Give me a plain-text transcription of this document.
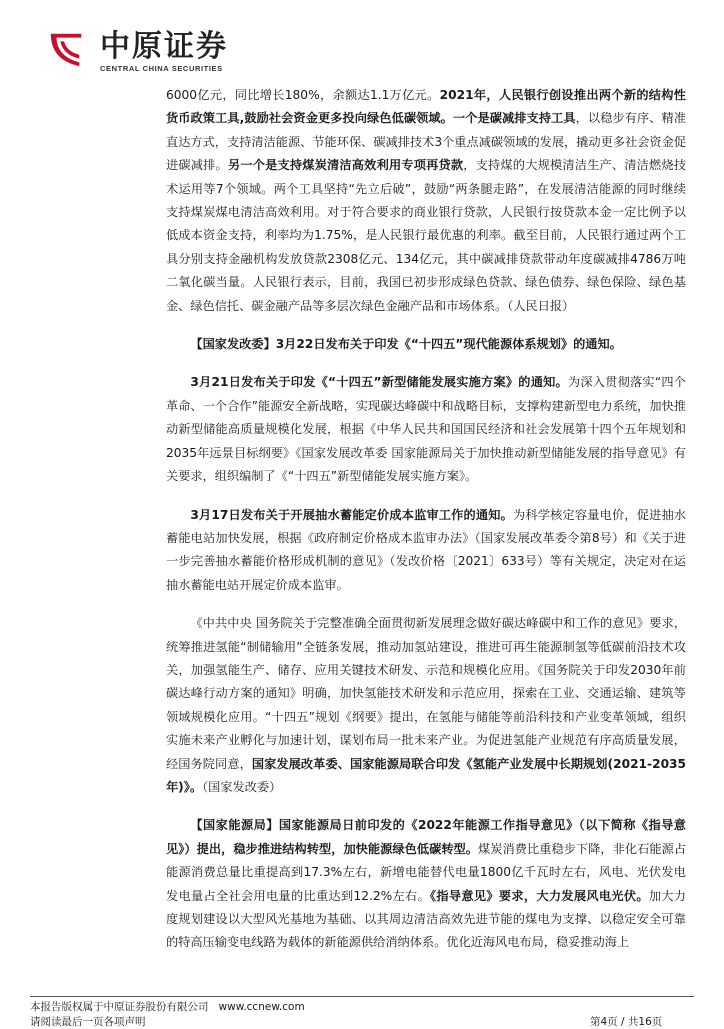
中原证券
CENTRAL CHINA SECURITIES

6000亿元，同比增长180%，余额达1.1万亿元。2021年，人民银行创设推出两个新的结构性货币政策工具,鼓励社会资金更多投向绿色低碳领域。一个是碳减排支持工具，以稳步有序、精准直达方式，支持清洁能源、节能环保、碳减排技术3个重点减碳领域的发展，撬动更多社会资金促进碳减排。另一个是支持煤炭清洁高效利用专项再贷款，支持煤的大规模清洁生产、清洁燃烧技术运用等7个领域。两个工具坚持“先立后破”，鼓励“两条腿走路”，在发展清洁能源的同时继续支持煤炭煤电清洁高效利用。对于符合要求的商业银行贷款，人民银行按贷款本金一定比例予以低成本资金支持，利率均为1.75%，是人民银行最优惠的利率。截至目前，人民银行通过两个工具分别支持金融机构发放贷款2308亿元、134亿元，其中碳减排贷款带动年度碳减排4786万吨二氧化碳当量。人民银行表示，目前，我国已初步形成绿色贷款、绿色债券、绿色保险、绿色基金、绿色信托、碳金融产品等多层次绿色金融产品和市场体系。（人民日报）

【国家发改委】3月22日发布关于印发《“十四五”现代能源体系规划》的通知。

3月21日发布关于印发《“十四五”新型储能发展实施方案》的通知。为深入贯彻落实“四个革命、一个合作”能源安全新战略，实现碳达峰碳中和战略目标，支撑构建新型电力系统，加快推动新型储能高质量规模化发展，根据《中华人民共和国国民经济和社会发展第十四个五年规划和2035年远景目标纲要》《国家发展改革委 国家能源局关于加快推动新型储能发展的指导意见》有关要求，组织编制了《“十四五”新型储能发展实施方案》。

3月17日发布关于开展抽水蓄能定价成本监审工作的通知。为科学核定容量电价，促进抽水蓄能电站加快发展，根据《政府制定价格成本监审办法》（国家发展改革委令第8号）和《关于进一步完善抽水蓄能价格形成机制的意见》（发改价格〔2021〕633号）等有关规定，决定对在运抽水蓄能电站开展定价成本监审。

《中共中央 国务院关于完整准确全面贯彻新发展理念做好碳达峰碳中和工作的意见》要求，统筹推进氢能“制储输用”全链条发展，推动加氢站建设，推进可再生能源制氢等低碳前沿技术攻关，加强氢能生产、储存、应用关键技术研发、示范和规模化应用。《国务院关于印发2030年前碳达峰行动方案的通知》明确，加快氢能技术研发和示范应用，探索在工业、交通运输、建筑等领域规模化应用。“十四五”规划《纲要》提出，在氢能与储能等前沿科技和产业变革领域，组织实施未来产业孵化与加速计划，谋划布局一批未来产业。为促进氢能产业规范有序高质量发展，经国务院同意，国家发展改革委、国家能源局联合印发《氢能产业发展中长期规划(2021-2035年)》。（国家发改委）

【国家能源局】国家能源局日前印发的《2022年能源工作指导意见》（以下简称《指导意见》）提出，稳步推进结构转型，加快能源绿色低碳转型。煤炭消费比重稳步下降，非化石能源占能源消费总量比重提高到17.3%左右，新增电能替代电量1800亿千瓦时左右，风电、光伏发电发电量占全社会用电量的比重达到12.2%左右。《指导意见》要求，大力发展风电光伏。加大力度规划建设以大型风光基地为基础、以其周边清洁高效先进节能的煤电为支撑、以稳定安全可靠的特高压输变电线路为载体的新能源供给消纳体系。优化近海风电布局，稳妥推动海上

本报告版权属于中原证券股份有限公司 www.ccnew.com
请阅读最后一页各项声明	第4页 / 共16页
